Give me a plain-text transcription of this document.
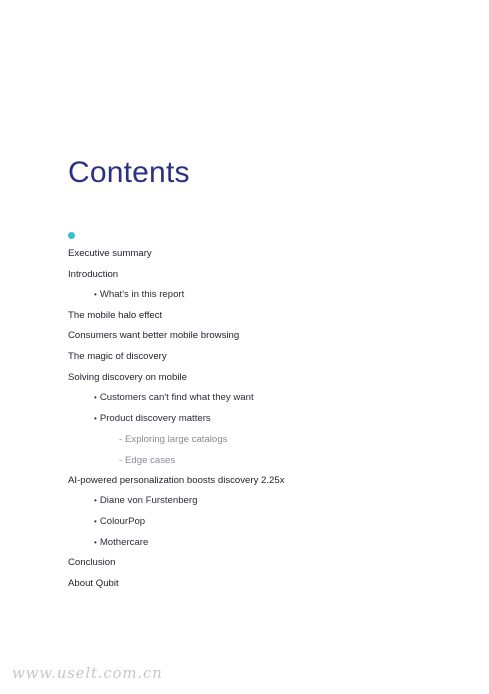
Contents
Executive summary
Introduction
• What's in this report
The mobile halo effect
Consumers want better mobile browsing
The magic of discovery
Solving discovery on mobile
• Customers can't find what they want
• Product discovery matters
- Exploring large catalogs
- Edge cases
AI-powered personalization boosts discovery 2.25x
• Diane von Furstenberg
• ColourPop
• Mothercare
Conclusion
About Qubit
www.uselt.com.cn
